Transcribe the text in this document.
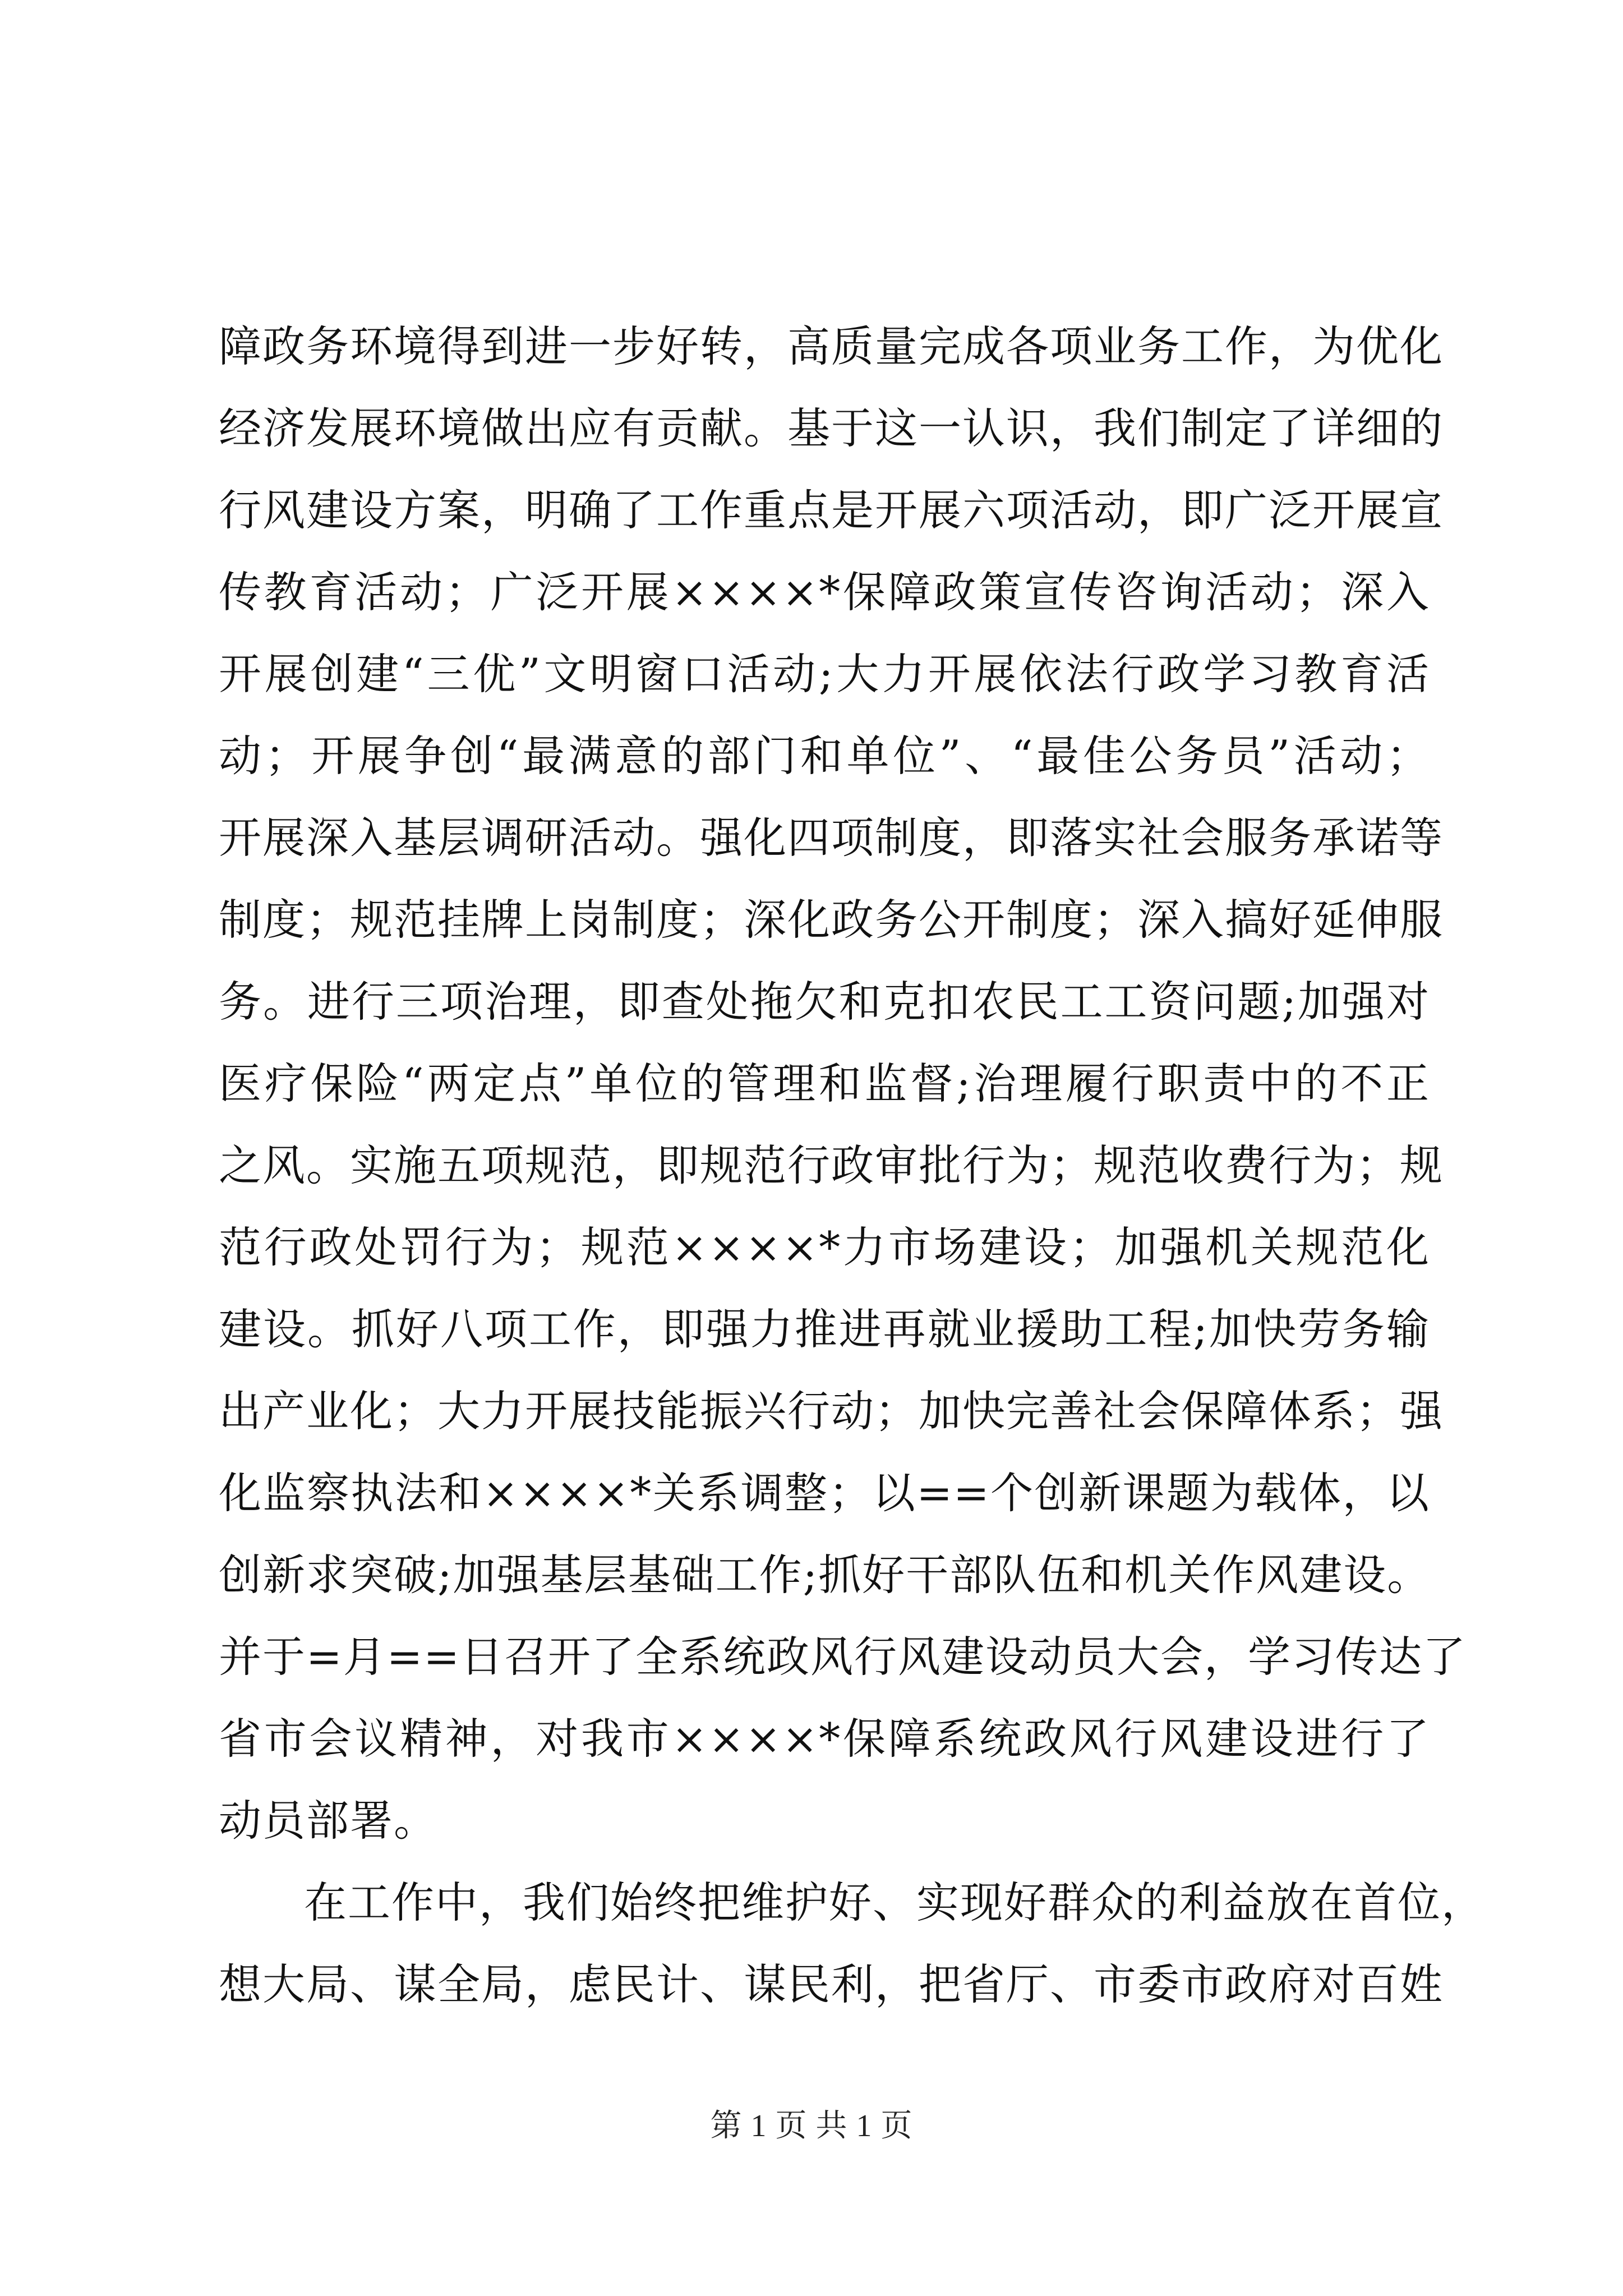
障政务环境得到进一步好转，高质量完成各项业务工作，为优化
经济发展环境做出应有贡献。基于这一认识，我们制定了详细的
行风建设方案，明确了工作重点是开展六项活动，即广泛开展宣
传教育活动；广泛开展××××*保障政策宣传咨询活动；深入
开展创建“三优”文明窗口活动;大力开展依法行政学习教育活
动；开展争创“最满意的部门和单位”、“最佳公务员”活动；
开展深入基层调研活动。强化四项制度，即落实社会服务承诺等
制度；规范挂牌上岗制度；深化政务公开制度；深入搞好延伸服
务。进行三项治理，即查处拖欠和克扣农民工工资问题;加强对
医疗保险“两定点”单位的管理和监督;治理履行职责中的不正
之风。实施五项规范，即规范行政审批行为；规范收费行为；规
范行政处罚行为；规范××××*力市场建设；加强机关规范化
建设。抓好八项工作，即强力推进再就业援助工程;加快劳务输
出产业化；大力开展技能振兴行动；加快完善社会保障体系；强
化监察执法和××××*关系调整；以==个创新课题为载体，以
创新求突破;加强基层基础工作;抓好干部队伍和机关作风建设。
并于=月==日召开了全系统政风行风建设动员大会，学习传达了
省市会议精神，对我市××××*保障系统政风行风建设进行了
动员部署。

在工作中，我们始终把维护好、实现好群众的利益放在首位，
想大局、谋全局，虑民计、谋民利，把省厅、市委市政府对百姓

第 1 页 共 1 页
